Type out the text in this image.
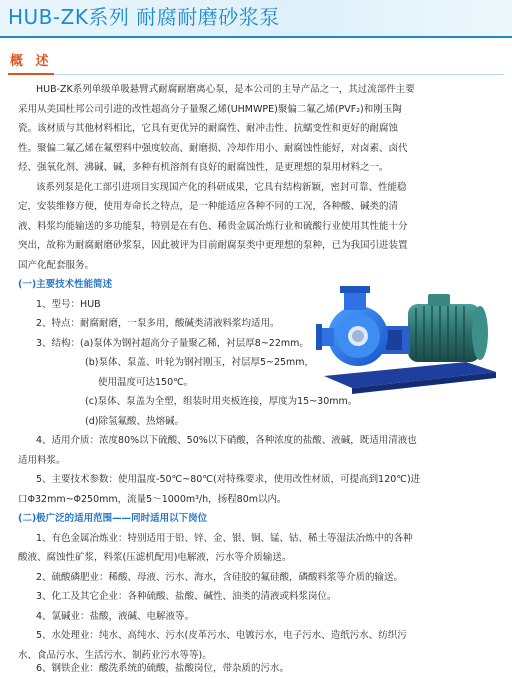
HUB-ZK系列 耐腐耐磨砂浆泵
概 述
HUB-ZK系列单级单吸悬臂式耐腐耐磨离心泵，是本公司的主导产品之一，其过流部件主要
采用从美国杜邦公司引进的改性超高分子量聚乙烯(UHMWPE)聚偏二氟乙烯(PVF₂)和刚玉陶
瓷。该材质与其他材料相比，它具有更优异的耐腐性、耐冲击性、抗蠕变性和更好的耐腐蚀
性。聚偏二氟乙烯在氟塑料中强度较高、耐磨损、冷却作用小、耐腐蚀性能好，对卤素、卤代
烃、强氧化剂、沸碱、碱，多种有机溶剂有良好的耐腐蚀性，是更理想的泵用材料之一。
该系列泵是化工部引进项目实现国产化的科研成果，它具有结构新颖，密封可靠、性能稳
定，安装维修方便，使用寿命长之特点，是一种能适应各种不同的工况，各种酸、碱类的清
液、料浆均能输送的多功能泵，特别是在有色、稀贵金属冶炼行业和硫酸行业使用其性能十分
突出，故称为耐腐耐磨砂浆泵，因此被评为目前耐腐泵类中更理想的泵种，已为我国引进装置
国产化配套服务。
(一)主要技术性能简述
1、型号：HUB
2、特点：耐腐耐磨，一泵多用，酸碱类清液料浆均适用。
3、结构：(a)泵体为钢衬超高分子量聚乙稀，衬层厚8~22mm。
(b)泵体、泵盖、叶轮为钢衬刚玉，衬层厚5~25mm，
使用温度可达150℃。
(c)泵体、泵盖为全塑，组装时用夹板连接，厚度为15~30mm。
(d)除氢氟酸、热熔碱。
4、适用介质：浓度80%以下硫酸、50%以下硝酸，各种浓度的盐酸、液碱，既适用清液也
适用料浆。
5、主要技术参数：使用温度-50℃~80℃(对特殊要求，使用改性材质，可提高到120℃)进
口Φ32mm~Φ250mm，流量5～1000m³/h，扬程80m以内。
(二)极广泛的适用范围——同时适用以下岗位
1、有色金属冶炼业：特别适用于铅、锌、金、银、铜、锰、钴、稀土等湿法冶炼中的各种
酸液、腐蚀性矿浆，料浆(压滤机配用)电解液，污水等介质输送。
2、硫酸磷肥业：稀酸、母液、污水、海水，含硅胶的氟硅酸，磷酸料浆等介质的输送。
3、化工及其它企业：各种硫酸、盐酸、碱性、油类的清液或料浆岗位。
4、氯碱业：盐酸，液碱、电解液等。
5、水处理业：纯水、高纯水、污水(皮革污水、电镀污水，电子污水、造纸污水、纺织污
水、食品污水、生活污水、制药业污水等等)。
6、钢铁企业：酸洗系统的硫酸，盐酸岗位，带杂质的污水。
